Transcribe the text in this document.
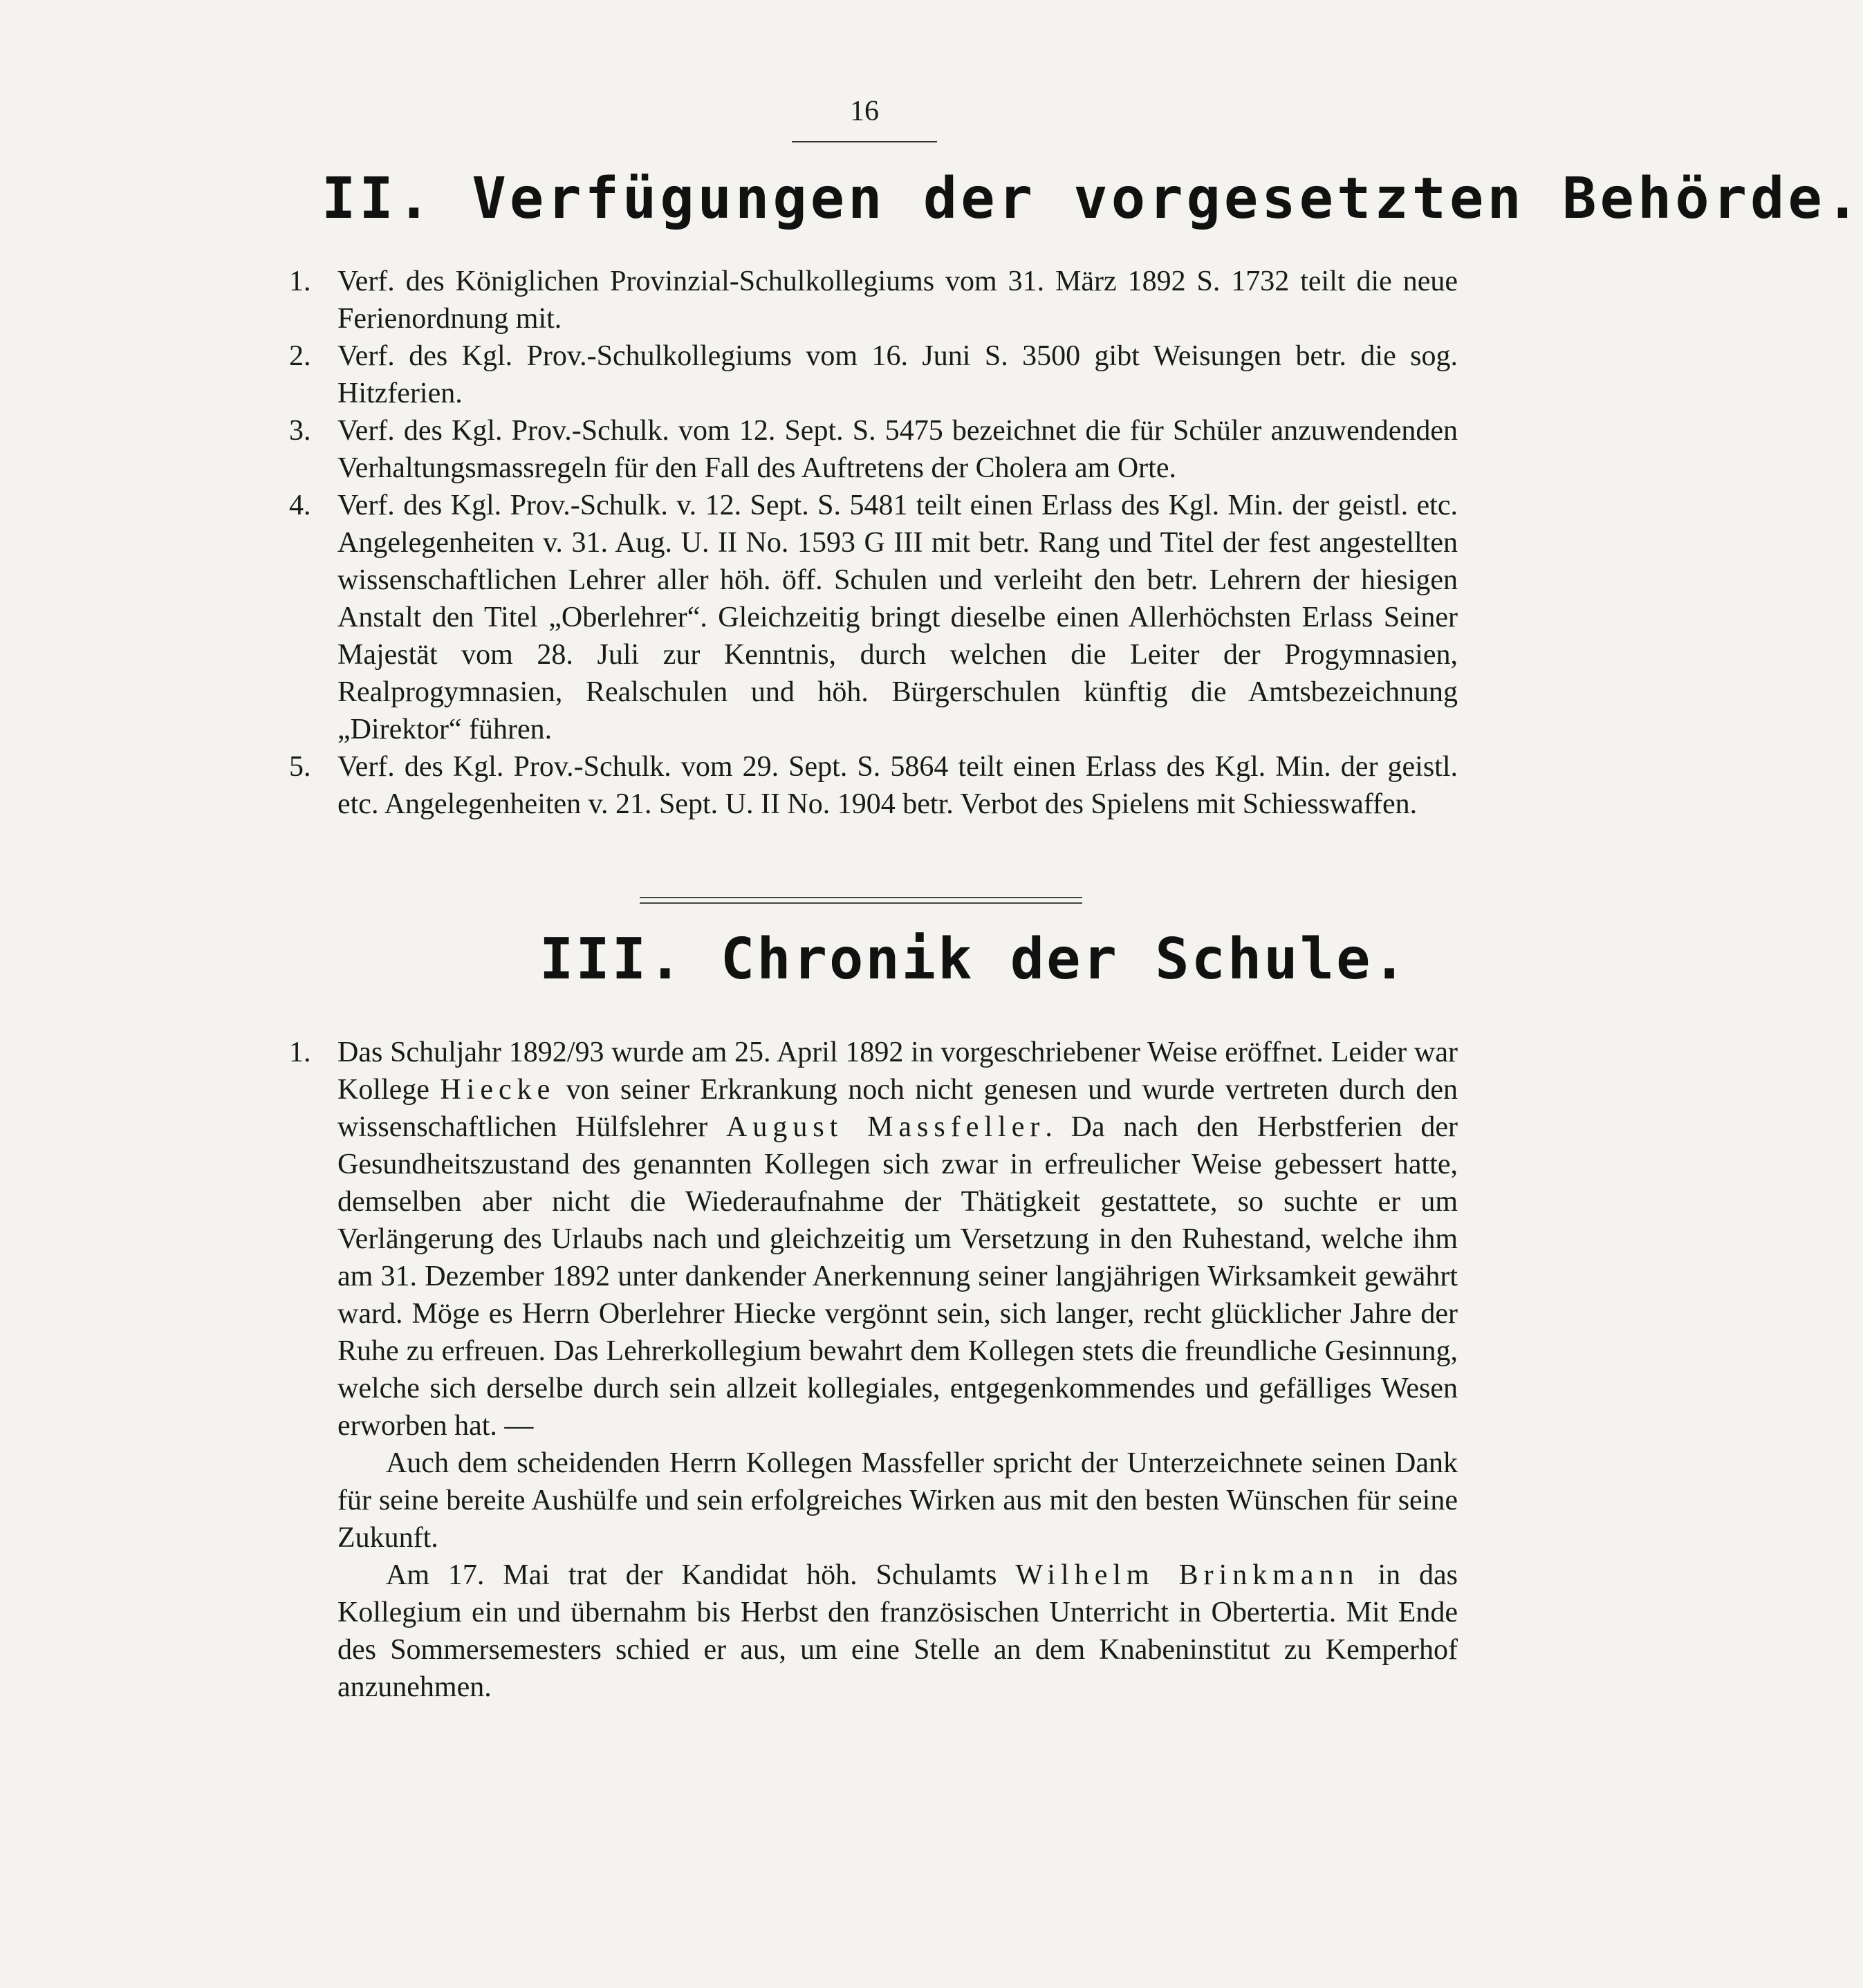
16
II. Verfügungen der vorgesetzten Behörde.
1. Verf. des Königlichen Provinzial-Schulkollegiums vom 31. März 1892 S. 1732 teilt die neue Ferienordnung mit.
2. Verf. des Kgl. Prov.-Schulkollegiums vom 16. Juni S. 3500 gibt Weisungen betr. die sog. Hitzferien.
3. Verf. des Kgl. Prov.-Schulk. vom 12. Sept. S. 5475 bezeichnet die für Schüler anzuwendenden Verhaltungsmassregeln für den Fall des Auftretens der Cholera am Orte.
4. Verf. des Kgl. Prov.-Schulk. v. 12. Sept. S. 5481 teilt einen Erlass des Kgl. Min. der geistl. etc. Angelegenheiten v. 31. Aug. U. II No. 1593 G III mit betr. Rang und Titel der fest angestellten wissenschaftlichen Lehrer aller höh. öff. Schulen und verleiht den betr. Lehrern der hiesigen Anstalt den Titel „Oberlehrer“. Gleichzeitig bringt dieselbe einen Allerhöchsten Erlass Seiner Majestät vom 28. Juli zur Kenntnis, durch welchen die Leiter der Progymnasien, Realprogymnasien, Realschulen und höh. Bürgerschulen künftig die Amtsbezeichnung „Direktor“ führen.
5. Verf. des Kgl. Prov.-Schulk. vom 29. Sept. S. 5864 teilt einen Erlass des Kgl. Min. der geistl. etc. Angelegenheiten v. 21. Sept. U. II No. 1904 betr. Verbot des Spielens mit Schiesswaffen.
III. Chronik der Schule.
1. Das Schuljahr 1892/93 wurde am 25. April 1892 in vorgeschriebener Weise eröffnet. Leider war Kollege Hiecke von seiner Erkrankung noch nicht genesen und wurde vertreten durch den wissenschaftlichen Hülfslehrer August Massfeller. Da nach den Herbstferien der Gesundheitszustand des genannten Kollegen sich zwar in erfreulicher Weise gebessert hatte, demselben aber nicht die Wiederaufnahme der Thätigkeit gestattete, so suchte er um Verlängerung des Urlaubs nach und gleichzeitig um Versetzung in den Ruhestand, welche ihm am 31. Dezember 1892 unter dankender Anerkennung seiner langjährigen Wirksamkeit gewährt ward. Möge es Herrn Oberlehrer Hiecke vergönnt sein, sich langer, recht glücklicher Jahre der Ruhe zu erfreuen. Das Lehrerkollegium bewahrt dem Kollegen stets die freundliche Gesinnung, welche sich derselbe durch sein allzeit kollegiales, entgegenkommendes und gefälliges Wesen erworben hat. —

Auch dem scheidenden Herrn Kollegen Massfeller spricht der Unterzeichnete seinen Dank für seine bereite Aushülfe und sein erfolgreiches Wirken aus mit den besten Wünschen für seine Zukunft.

Am 17. Mai trat der Kandidat höh. Schulamts Wilhelm Brinkmann in das Kollegium ein und übernahm bis Herbst den französischen Unterricht in Obertertia. Mit Ende des Sommersemesters schied er aus, um eine Stelle an dem Knabeninstitut zu Kemperhof anzunehmen.
